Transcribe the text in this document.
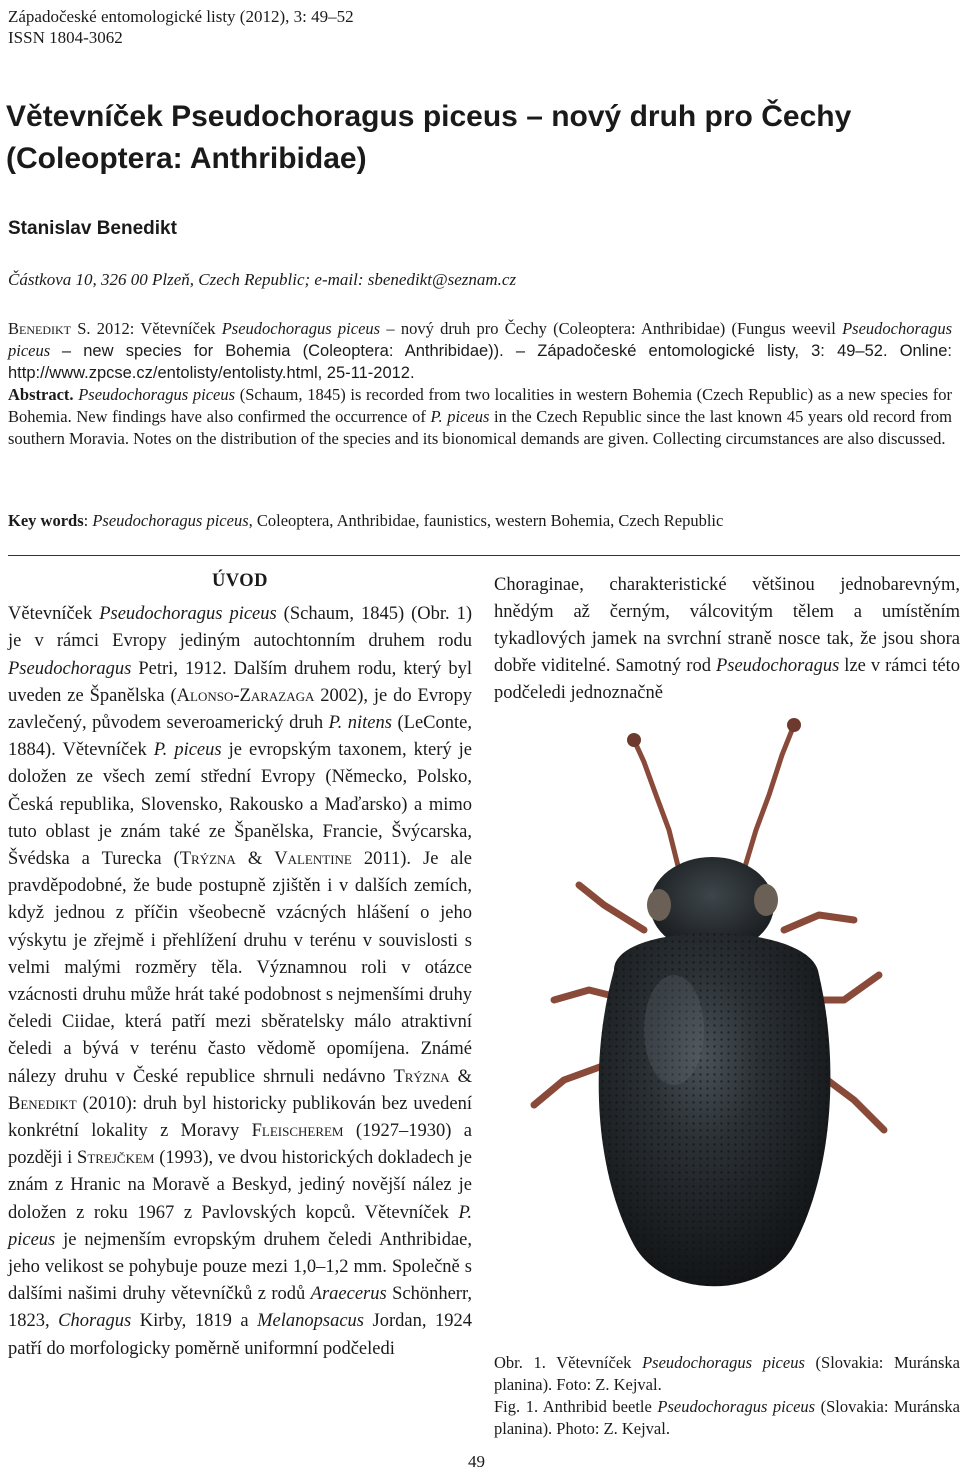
Západočeské entomologické listy (2012), 3: 49–52
ISSN 1804-3062
Větevníček Pseudochoragus piceus – nový druh pro Čechy (Coleoptera: Anthribidae)
Stanislav Benedikt
Částkova 10, 326 00 Plzeň, Czech Republic; e-mail: sbenedikt@seznam.cz
Benedikt S. 2012: Větevníček Pseudochoragus piceus – nový druh pro Čechy (Coleoptera: Anthribidae) (Fungus weevil Pseudochoragus piceus – new species for Bohemia (Coleoptera: Anthribidae)). – Západočeské entomologické listy, 3: 49–52. Online: http://www.zpcse.cz/entolisty/entolisty.html, 25-11-2012.
Abstract. Pseudochoragus piceus (Schaum, 1845) is recorded from two localities in western Bohemia (Czech Republic) as a new species for Bohemia. New findings have also confirmed the occurrence of P. piceus in the Czech Republic since the last known 45 years old record from southern Moravia. Notes on the distribution of the species and its bionomical demands are given. Collecting circumstances are also discussed.
Key words: Pseudochoragus piceus, Coleoptera, Anthribidae, faunistics, western Bohemia, Czech Republic
ÚVOD

Větevníček Pseudochoragus piceus (Schaum, 1845) (Obr. 1) je v rámci Evropy jediným autochtonním druhem rodu Pseudochoragus Petri, 1912. Dalším druhem rodu, který byl uveden ze Španělska (Alonso-Zarazaga 2002), je do Evropy zavlečený, původem severoamerický druh P. nitens (LeConte, 1884). Větevníček P. piceus je evropským taxonem, který je doložen ze všech zemí střední Evropy (Německo, Polsko, Česká republika, Slovensko, Rakousko a Maďarsko) a mimo tuto oblast je znám také ze Španělska, Francie, Švýcarska, Švédska a Turecka (Trýzna & Valentine 2011). Je ale pravděpodobné, že bude postupně zjištěn i v dalších zemích, když jednou z příčin všeobecně vzácných hlášení o jeho výskytu je zřejmě i přehlížení druhu v terénu v souvislosti s velmi malými rozměry těla. Významnou roli v otázce vzácnosti druhu může hrát také podobnost s nejmenšími druhy čeledi Ciidae, která patří mezi sběratelsky málo atraktivní čeledi a bývá v terénu často vědomě opomíjena. Známé nálezy druhu v České republice shrnuli nedávno Trýzna & Benedikt (2010): druh byl historicky publikován bez uvedení konkrétní lokality z Moravy Fleischerem (1927–1930) a později i Strejčkem (1993), ve dvou historických dokladech je znám z Hranic na Moravě a Beskyd, jediný novější nález je doložen z roku 1967 z Pavlovských kopců. Větevníček P. piceus je nejmenším evropským druhem čeledi Anthribidae, jeho velikost se pohybuje pouze mezi 1,0–1,2 mm. Společně s dalšími našimi druhy větevníčků z rodů Araecerus Schönherr, 1823, Choragus Kirby, 1819 a Melanopsacus Jordan, 1924 patří do morfologicky poměrně uniformní podčeledi

Choraginae, charakteristické většinou jednobarevným, hnědým až černým, válcovitým tělem a umístěním tykadlových jamek na svrchní straně nosce tak, že jsou shora dobře viditelné. Samotný rod Pseudochoragus lze v rámci této podčeledi jednoznačně

Obr. 1. Větevníček Pseudochoragus piceus (Slovakia: Muránska planina). Foto: Z. Kejval.
Fig. 1. Anthribid beetle Pseudochoragus piceus (Slovakia: Muránska planina). Photo: Z. Kejval.
49
